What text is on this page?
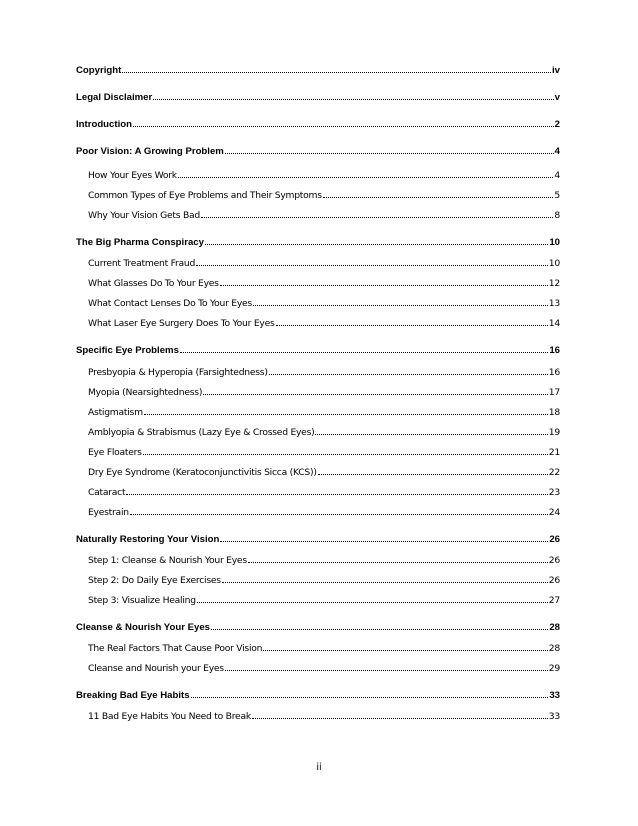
Copyright	iv
Legal Disclaimer	v
Introduction	2
Poor Vision: A Growing Problem	4
How Your Eyes Work	4
Common Types of Eye Problems and Their Symptoms	5
Why Your Vision Gets Bad	8
The Big Pharma Conspiracy	10
Current Treatment Fraud	10
What Glasses Do To Your Eyes	12
What Contact Lenses Do To Your Eyes	13
What Laser Eye Surgery Does To Your Eyes	14
Specific Eye Problems	16
Presbyopia & Hyperopia (Farsightedness)	16
Myopia (Nearsightedness)	17
Astigmatism	18
Amblyopia & Strabismus (Lazy Eye & Crossed Eyes)	19
Eye Floaters	21
Dry Eye Syndrome (Keratoconjunctivitis Sicca (KCS))	22
Cataract	23
Eyestrain	24
Naturally Restoring Your Vision	26
Step 1: Cleanse & Nourish Your Eyes	26
Step 2: Do Daily Eye Exercises	26
Step 3: Visualize Healing	27
Cleanse & Nourish Your Eyes	28
The Real Factors That Cause Poor Vision	28
Cleanse and Nourish your Eyes	29
Breaking Bad Eye Habits	33
11 Bad Eye Habits You Need to Break	33
ii
